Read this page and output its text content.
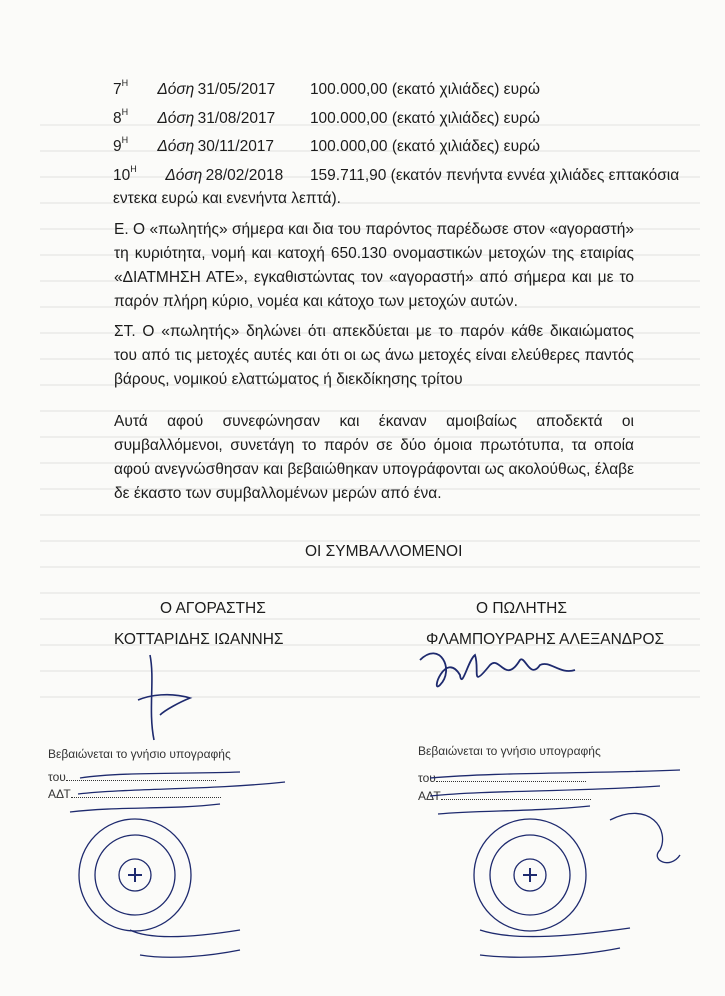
$7^H$ Δόση 31/05/2017 100.000,00 (εκατό χιλιάδες) ευρώ
$8^H$ Δόση 31/08/2017 100.000,00 (εκατό χιλιάδες) ευρώ
$9^H$ Δόση 30/11/2017 100.000,00 (εκατό χιλιάδες) ευρώ
$10^H$ Δόση 28/02/2018 159.711,90 (εκατόν πενήντα εννέα χιλιάδες επτακόσια
εντεκα ευρώ και ενενήντα λεπτά).
Ε. Ο «πωλητής» σήμερα και δια του παρόντος παρέδωσε στον «αγοραστή» τη κυριότητα, νομή και κατοχή 650.130 ονομαστικών μετοχών της εταιρίας «ΔΙΑΤΜΗΣΗ ΑΤΕ», εγκαθιστώντας τον «αγοραστή» από σήμερα και με το παρόν πλήρη κύριο, νομέα και κάτοχο των μετοχών αυτών.
ΣΤ. Ο «πωλητής» δηλώνει ότι απεκδύεται με το παρόν κάθε δικαιώματος του από τις μετοχές αυτές και ότι οι ως άνω μετοχές είναι ελεύθερες παντός βάρους, νομικού ελαττώματος ή διεκδίκησης τρίτου
Αυτά αφού συνεφώνησαν και έκαναν αμοιβαίως αποδεκτά οι συμβαλλόμενοι, συνετάγη το παρόν σε δύο όμοια πρωτότυπα, τα οποία αφού ανεγνώσθησαν και βεβαιώθηκαν υπογράφονται ως ακολούθως, έλαβε δε έκαστο των συμβαλλομένων μερών από ένα.
ΟΙ ΣΥΜΒΑΛΛΟΜΕΝΟΙ
Ο ΑΓΟΡΑΣΤΗΣ
ΚΟΤΤΑΡΙΔΗΣ ΙΩΑΝΝΗΣ
Ο ΠΩΛΗΤΗΣ
ΦΛΑΜΠΟΥΡΑΡΗΣ ΑΛΕΞΑΝΔΡΟΣ
Βεβαιώνεται το γνήσιο υπογραφής
του
ΑΔΤ
Βεβαιώνεται το γνήσιο υπογραφής
του
ΑΔΤ
